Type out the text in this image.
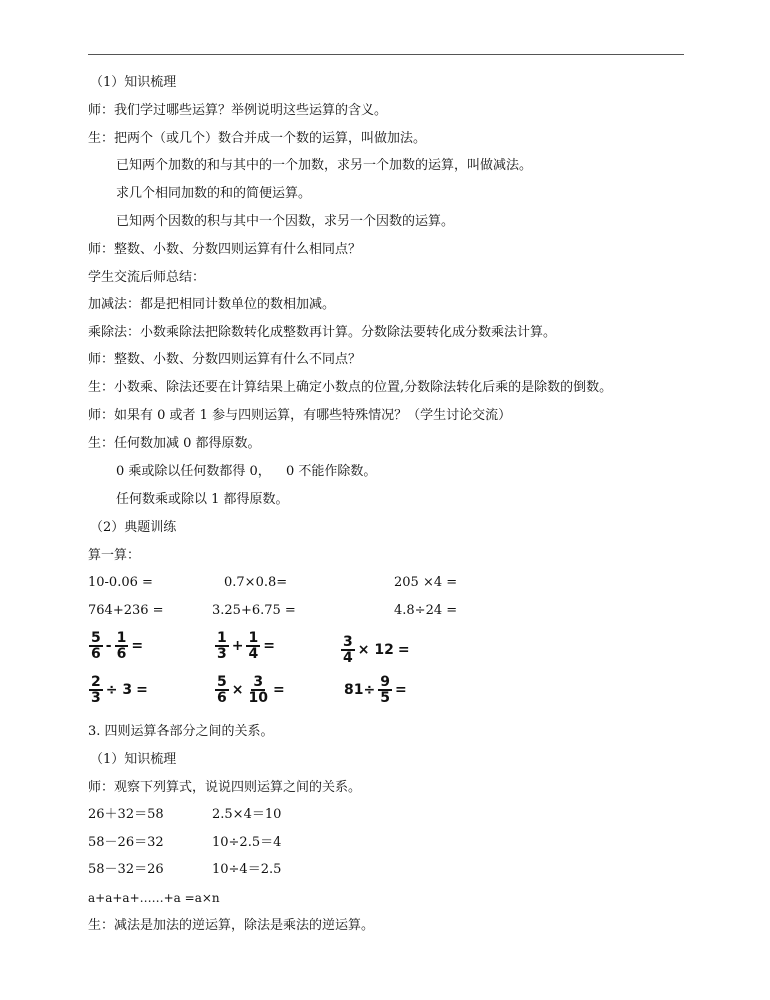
（1）知识梳理
师：我们学过哪些运算？举例说明这些运算的含义。
生：把两个（或几个）数合并成一个数的运算，叫做加法。
已知两个加数的和与其中的一个加数，求另一个加数的运算，叫做减法。
求几个相同加数的和的简便运算。
已知两个因数的积与其中一个因数，求另一个因数的运算。
师：整数、小数、分数四则运算有什么相同点？
学生交流后师总结：
加减法：都是把相同计数单位的数相加减。
乘除法：小数乘除法把除数转化成整数再计算。分数除法要转化成分数乘法计算。
师：整数、小数、分数四则运算有什么不同点？
生：小数乘、除法还要在计算结果上确定小数点的位置,分数除法转化后乘的是除数的倒数。
师：如果有 0 或者 1 参与四则运算，有哪些特殊情况？（学生讨论交流）
生：任何数加减 0 都得原数。
0 乘或除以任何数都得 0， 0 不能作除数。
任何数乘或除以 1 都得原数。
（2）典题训练
算一算：
10-0.06 =	0.7×0.8=	205 ×4 =
764+236 =	3.25+6.75 =	4.8÷24 =
$\frac{5}{6} - \frac{1}{6}$ =	$\frac{1}{3} + \frac{1}{4}$ =	$\frac{3}{4} \times 12$ =
$\frac{2}{3} \div 3$ =	$\frac{5}{6} \times \frac{3}{10}$ =	$81\div \frac{9}{5}$ =
3. 四则运算各部分之间的关系。
（1）知识梳理
师：观察下列算式，说说四则运算之间的关系。
26＋32＝58	2.5×4＝10
58－26＝32	10÷2.5＝4
58－32＝26	10÷4＝2.5
a+a+a+……+a =a×n
生：减法是加法的逆运算，除法是乘法的逆运算。
